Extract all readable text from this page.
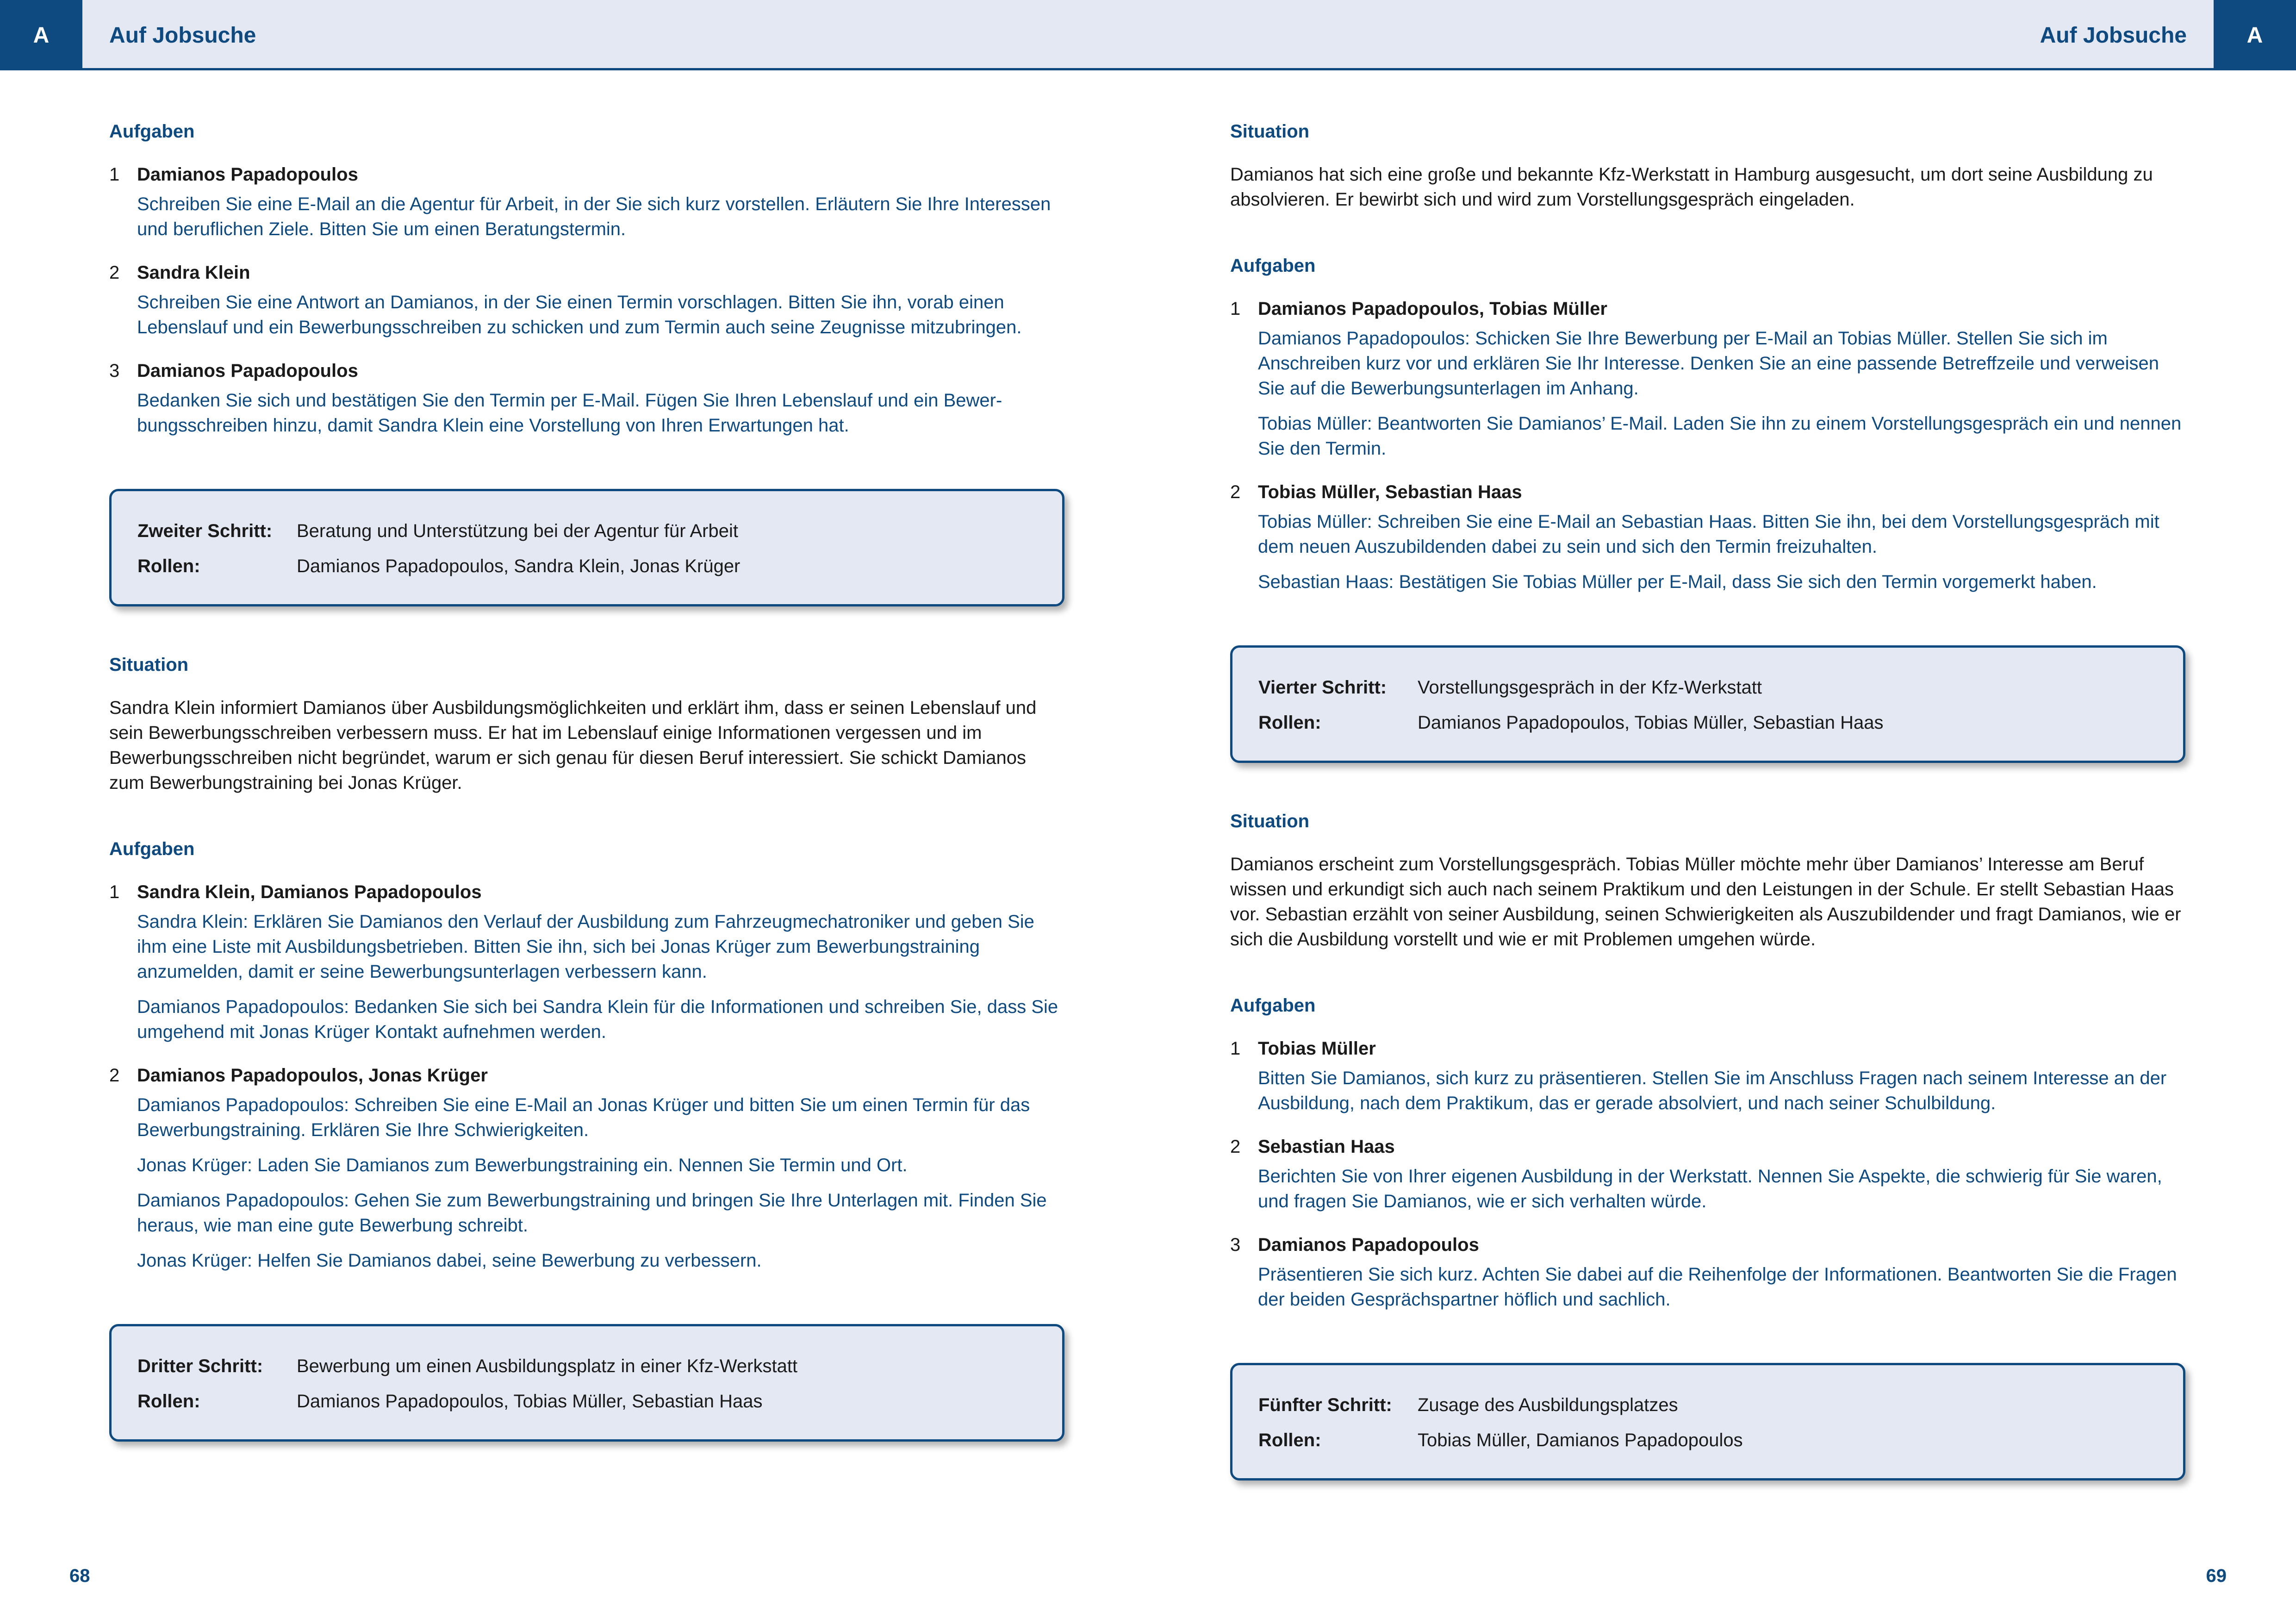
A	Auf Jobsuche	Auf Jobsuche	A
Aufgaben
1 Damianos Papadopoulos
Schreiben Sie eine E-Mail an die Agentur für Arbeit, in der Sie sich kurz vorstellen. Erläutern Sie Ihre Interessen und beruflichen Ziele. Bitten Sie um einen Beratungstermin.
2 Sandra Klein
Schreiben Sie eine Antwort an Damianos, in der Sie einen Termin vorschlagen. Bitten Sie ihn, vorab einen Lebenslauf und ein Bewerbungsschreiben zu schicken und zum Termin auch seine Zeugnisse mitzubringen.
3 Damianos Papadopoulos
Bedanken Sie sich und bestätigen Sie den Termin per E-Mail. Fügen Sie Ihren Lebenslauf und ein Bewer-bungsschreiben hinzu, damit Sandra Klein eine Vorstellung von Ihren Erwartungen hat.
Zweiter Schritt:	Beratung und Unterstützung bei der Agentur für Arbeit
Rollen:	Damianos Papadopoulos, Sandra Klein, Jonas Krüger
Situation
Sandra Klein informiert Damianos über Ausbildungsmöglichkeiten und erklärt ihm, dass er seinen Lebenslauf und sein Bewerbungsschreiben verbessern muss. Er hat im Lebenslauf einige Informationen vergessen und im Bewerbungsschreiben nicht begründet, warum er sich genau für diesen Beruf interessiert. Sie schickt Damianos zum Bewerbungstraining bei Jonas Krüger.
Aufgaben
1 Sandra Klein, Damianos Papadopoulos
Sandra Klein: Erklären Sie Damianos den Verlauf der Ausbildung zum Fahrzeugmechatroniker und geben Sie ihm eine Liste mit Ausbildungsbetrieben. Bitten Sie ihn, sich bei Jonas Krüger zum Bewerbungstraining anzumelden, damit er seine Bewerbungsunterlagen verbessern kann.
Damianos Papadopoulos: Bedanken Sie sich bei Sandra Klein für die Informationen und schreiben Sie, dass Sie umgehend mit Jonas Krüger Kontakt aufnehmen werden.
2 Damianos Papadopoulos, Jonas Krüger
Damianos Papadopoulos: Schreiben Sie eine E-Mail an Jonas Krüger und bitten Sie um einen Termin für das Bewerbungstraining. Erklären Sie Ihre Schwierigkeiten.
Jonas Krüger: Laden Sie Damianos zum Bewerbungstraining ein. Nennen Sie Termin und Ort.
Damianos Papadopoulos: Gehen Sie zum Bewerbungstraining und bringen Sie Ihre Unterlagen mit. Finden Sie heraus, wie man eine gute Bewerbung schreibt.
Jonas Krüger: Helfen Sie Damianos dabei, seine Bewerbung zu verbessern.
Dritter Schritt:	Bewerbung um einen Ausbildungsplatz in einer Kfz-Werkstatt
Rollen:	Damianos Papadopoulos, Tobias Müller, Sebastian Haas
Situation
Damianos hat sich eine große und bekannte Kfz-Werkstatt in Hamburg ausgesucht, um dort seine Ausbildung zu absolvieren. Er bewirbt sich und wird zum Vorstellungsgespräch eingeladen.
Aufgaben
1 Damianos Papadopoulos, Tobias Müller
Damianos Papadopoulos: Schicken Sie Ihre Bewerbung per E-Mail an Tobias Müller. Stellen Sie sich im Anschreiben kurz vor und erklären Sie Ihr Interesse. Denken Sie an eine passende Betreffzeile und verweisen Sie auf die Bewerbungsunterlagen im Anhang.
Tobias Müller: Beantworten Sie Damianos’ E-Mail. Laden Sie ihn zu einem Vorstellungsgespräch ein und nennen Sie den Termin.
2 Tobias Müller, Sebastian Haas
Tobias Müller: Schreiben Sie eine E-Mail an Sebastian Haas. Bitten Sie ihn, bei dem Vorstellungsgespräch mit dem neuen Auszubildenden dabei zu sein und sich den Termin freizuhalten.
Sebastian Haas: Bestätigen Sie Tobias Müller per E-Mail, dass Sie sich den Termin vorgemerkt haben.
Vierter Schritt:	Vorstellungsgespräch in der Kfz-Werkstatt
Rollen:	Damianos Papadopoulos, Tobias Müller, Sebastian Haas
Situation
Damianos erscheint zum Vorstellungsgespräch. Tobias Müller möchte mehr über Damianos’ Interesse am Beruf wissen und erkundigt sich auch nach seinem Praktikum und den Leistungen in der Schule. Er stellt Sebastian Haas vor. Sebastian erzählt von seiner Ausbildung, seinen Schwierigkeiten als Auszubildender und fragt Damianos, wie er sich die Ausbildung vorstellt und wie er mit Problemen umgehen würde.
Aufgaben
1 Tobias Müller
Bitten Sie Damianos, sich kurz zu präsentieren. Stellen Sie im Anschluss Fragen nach seinem Interesse an der Ausbildung, nach dem Praktikum, das er gerade absolviert, und nach seiner Schulbildung.
2 Sebastian Haas
Berichten Sie von Ihrer eigenen Ausbildung in der Werkstatt. Nennen Sie Aspekte, die schwierig für Sie waren, und fragen Sie Damianos, wie er sich verhalten würde.
3 Damianos Papadopoulos
Präsentieren Sie sich kurz. Achten Sie dabei auf die Reihenfolge der Informationen. Beantworten Sie die Fragen der beiden Gesprächspartner höflich und sachlich.
Fünfter Schritt:	Zusage des Ausbildungsplatzes
Rollen:	Tobias Müller, Damianos Papadopoulos
68	69
